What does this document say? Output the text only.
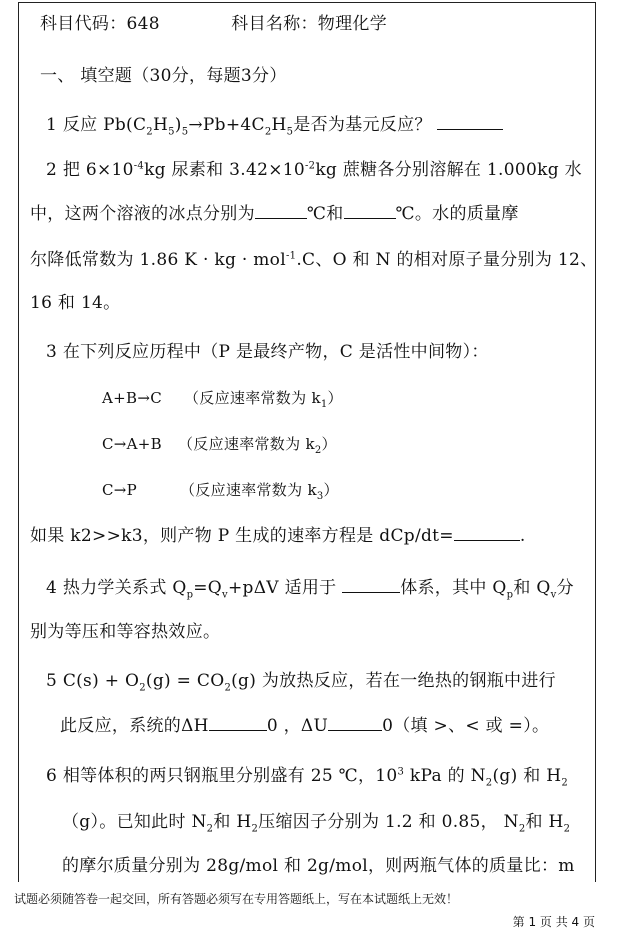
科目代码：648	科目名称：物理化学
一、 填空题（30分，每题3分）
1 反应 $Pb(C_2H_5)_5\to Pb+4C_2H_5$是否为基元反应？
2 把 $6\times 10^{-4}kg$ 尿素和 $3.42\times 10^{-2}kg$ 蔗糖各分别溶解在 1.000kg 水
中，这两个溶液的冰点分别为	℃和	℃。水的质量摩
尔降低常数为 1.86 K · kg · mol$^{-1}$.C、O 和 N 的相对原子量分别为 12、
16 和 14。
3 在下列反应历程中（P 是最终产物，C 是活性中间物）：
A+B→C （反应速率常数为 $k_1$）
C→A+B （反应速率常数为 $k_2$）
C→P	（反应速率常数为 $k_3$）
如果 k2>>k3，则产物 P 生成的速率方程是 dCp/dt=	.
4 热力学关系式 $Q_p=Q_v+p\Delta V$ 适用于	体系，其中 $Q_p$和 $Q_v$分
别为等压和等容热效应。
5 $C(s) + O_2(g) = CO_2(g)$ 为放热反应，若在一绝热的钢瓶中进行
此反应，系统的ΔH	0 ，ΔU	0（填 >、< 或 =）。
6 相等体积的两只钢瓶里分别盛有 25 ℃，$10^3$ kPa 的 $N_2(g)$ 和 $H_2$
（g）。已知此时 $N_2$和 $H_2$压缩因子分别为 1.2 和 0.85， $N_2$和 $H_2$
的摩尔质量分别为 28g/mol 和 2g/mol，则两瓶气体的质量比：m
试题必须随答卷一起交回，所有答题必须写在专用答题纸上，写在本试题纸上无效！
第 1 页 共 4 页
